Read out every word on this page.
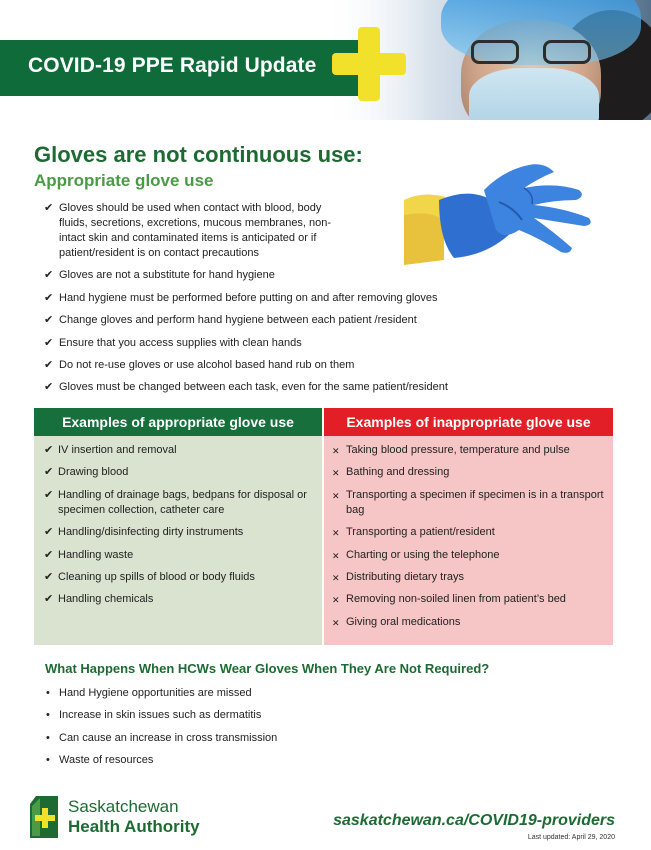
COVID-19 PPE Rapid Update
Gloves are not continuous use:
Appropriate glove use
✔ Gloves should be used when contact with blood, body fluids, secretions, excretions, mucous membranes, non-intact skin and contaminated items is anticipated or if patient/resident is on contact precautions
✔ Gloves are not a substitute for hand hygiene
✔ Hand hygiene must be performed before putting on and after removing gloves
✔ Change gloves and perform hand hygiene between each patient /resident
✔ Ensure that you access supplies with clean hands
✔ Do not re-use gloves or use alcohol based hand rub on them
✔ Gloves must be changed between each task, even for the same patient/resident
Examples of appropriate glove use
✔ IV insertion and removal
✔ Drawing blood
✔ Handling of drainage bags, bedpans for disposal or specimen collection, catheter care
✔ Handling/disinfecting dirty instruments
✔ Handling waste
✔ Cleaning up spills of blood or body fluids
✔ Handling chemicals
Examples of inappropriate glove use
✕ Taking blood pressure, temperature and pulse
✕ Bathing and dressing
✕ Transporting a specimen if specimen is in a transport bag
✕ Transporting a patient/resident
✕ Charting or using the telephone
✕ Distributing dietary trays
✕ Removing non-soiled linen from patient’s bed
✕ Giving oral medications
What Happens When HCWs Wear Gloves When They Are Not Required?
• Hand Hygiene opportunities are missed
• Increase in skin issues such as dermatitis
• Can cause an increase in cross transmission
• Waste of resources
Saskatchewan
Health Authority	saskatchewan.ca/COVID19-providers
Last updated: April 29, 2020
